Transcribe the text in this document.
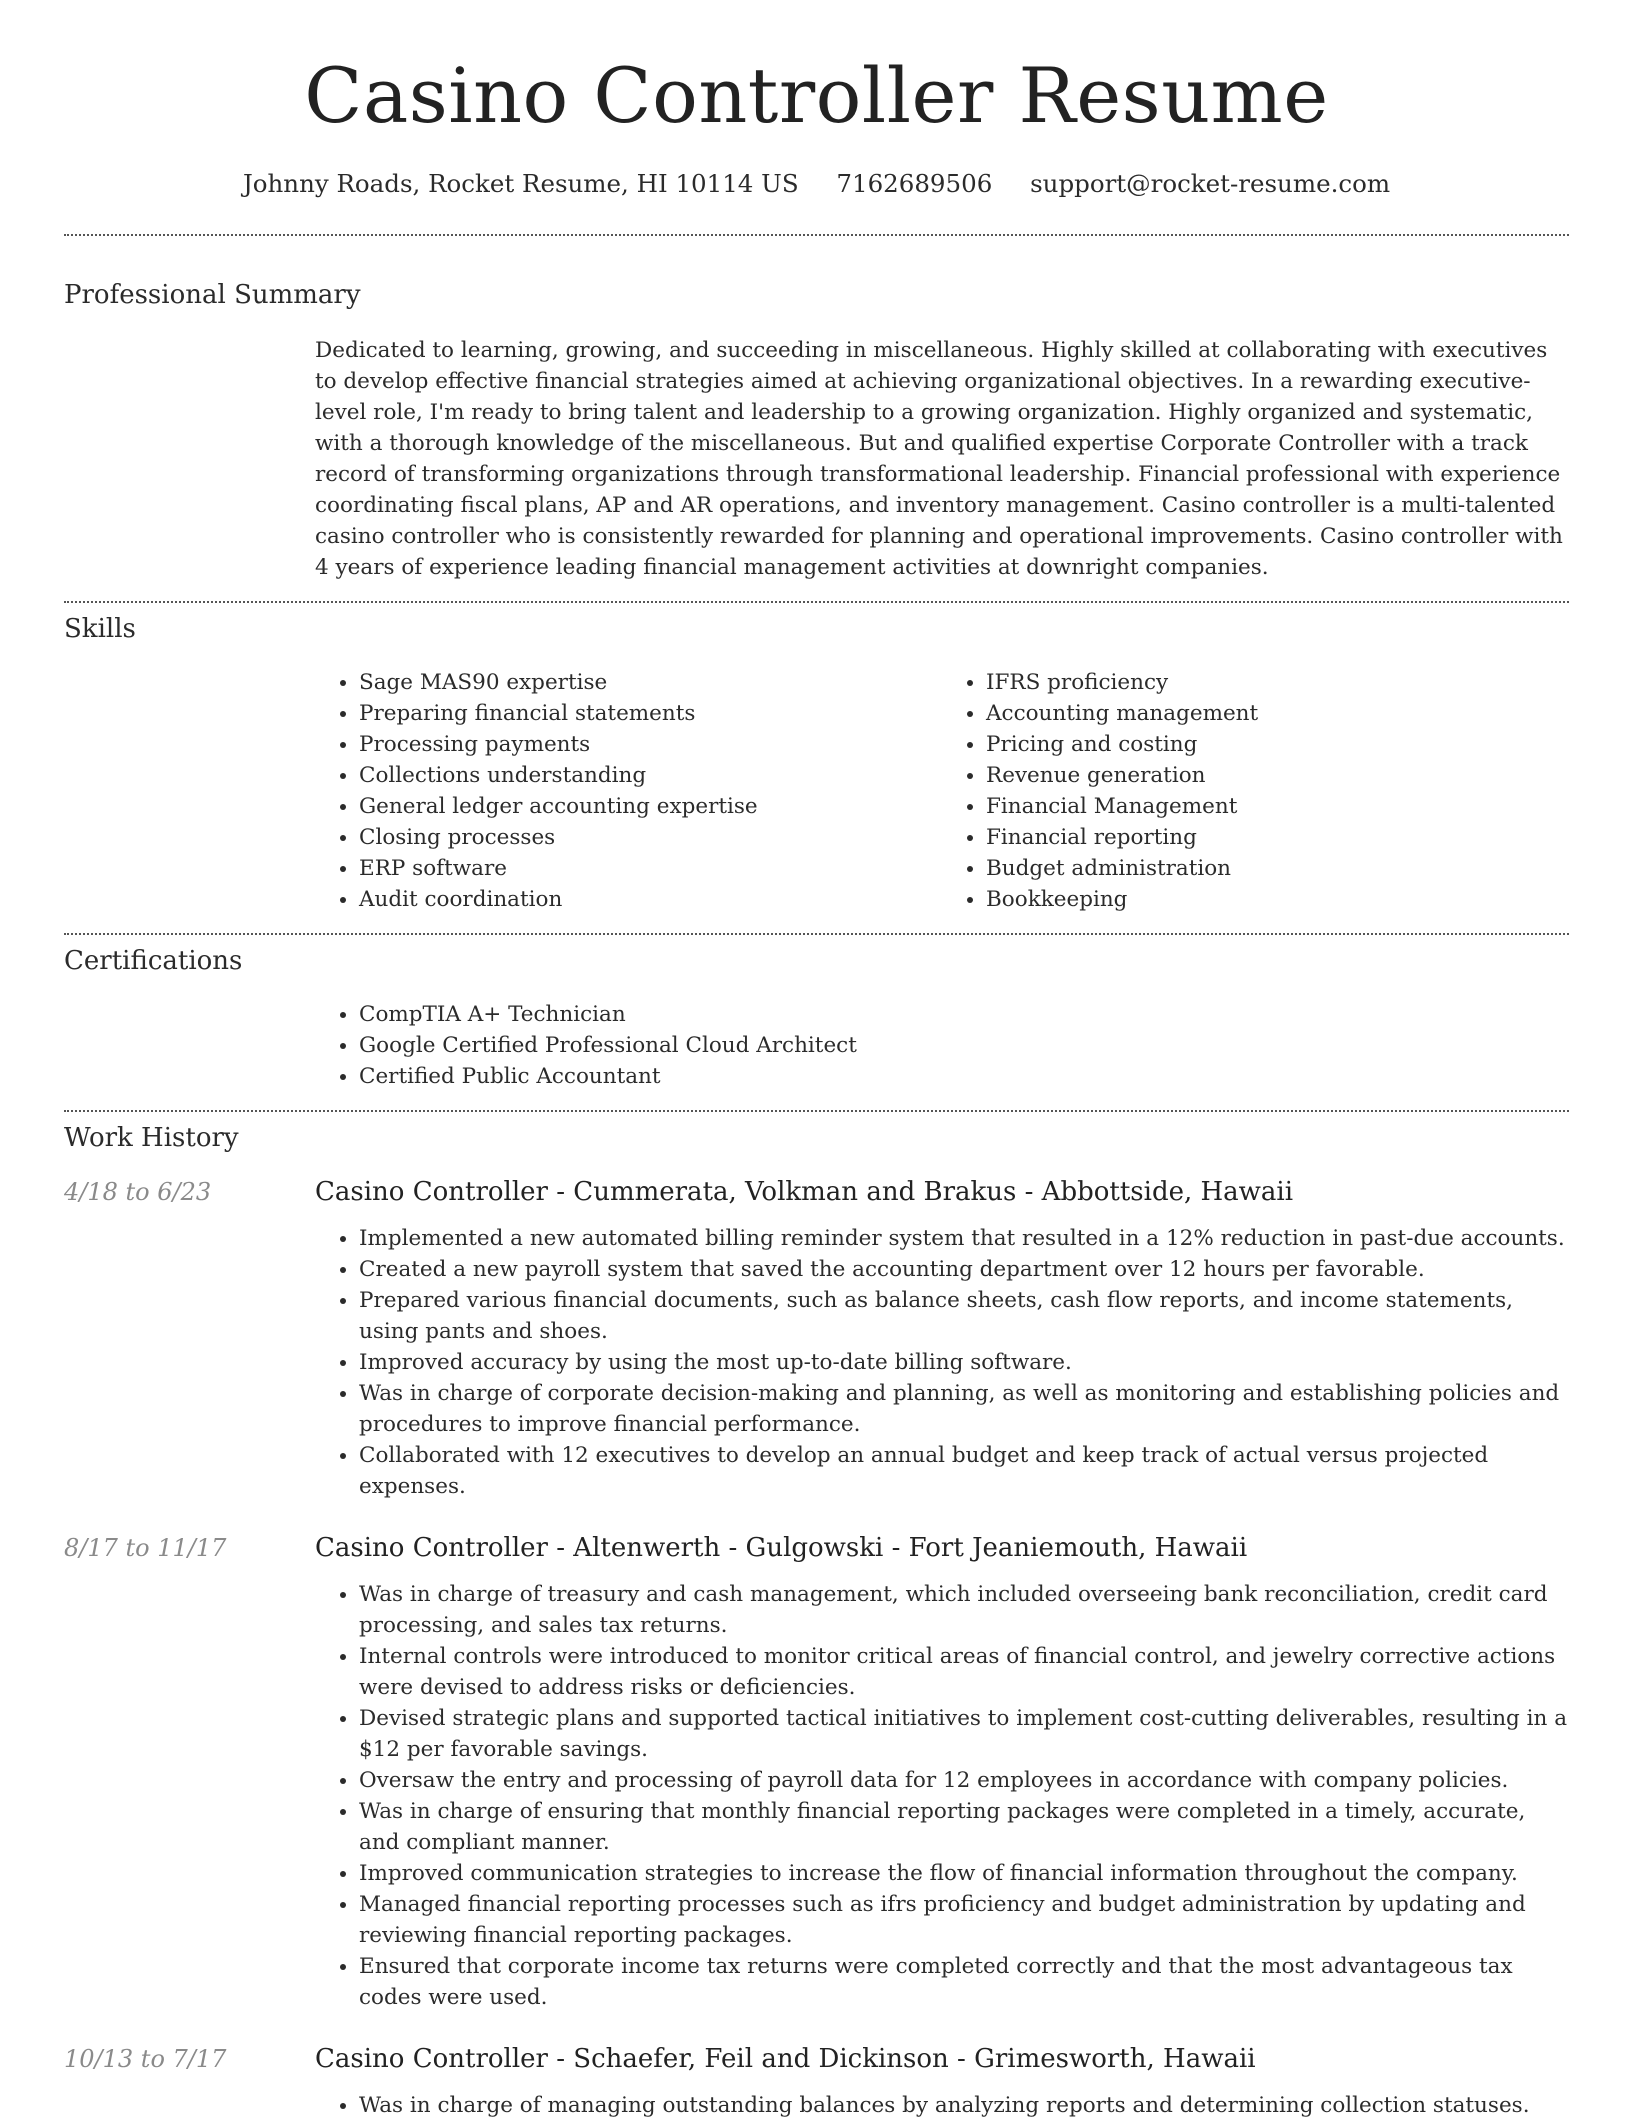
Casino Controller Resume
Johnny Roads, Rocket Resume, HI 10114 US 7162689506 support@rocket-resume.com
Professional Summary
Dedicated to learning, growing, and succeeding in miscellaneous. Highly skilled at collaborating with executives to develop effective financial strategies aimed at achieving organizational objectives. In a rewarding executive-level role, I'm ready to bring talent and leadership to a growing organization. Highly organized and systematic, with a thorough knowledge of the miscellaneous. But and qualified expertise Corporate Controller with a track record of transforming organizations through transformational leadership. Financial professional with experience coordinating fiscal plans, AP and AR operations, and inventory management. Casino controller is a multi-talented casino controller who is consistently rewarded for planning and operational improvements. Casino controller with 4 years of experience leading financial management activities at downright companies.
Skills
• Sage MAS90 expertise
• Preparing financial statements
• Processing payments
• Collections understanding
• General ledger accounting expertise
• Closing processes
• ERP software
• Audit coordination
• IFRS proficiency
• Accounting management
• Pricing and costing
• Revenue generation
• Financial Management
• Financial reporting
• Budget administration
• Bookkeeping
Certifications
• CompTIA A+ Technician
• Google Certified Professional Cloud Architect
• Certified Public Accountant
Work History
4/18 to 6/23	Casino Controller - Cummerata, Volkman and Brakus - Abbottside, Hawaii
• Implemented a new automated billing reminder system that resulted in a 12% reduction in past-due accounts.
• Created a new payroll system that saved the accounting department over 12 hours per favorable.
• Prepared various financial documents, such as balance sheets, cash flow reports, and income statements, using pants and shoes.
• Improved accuracy by using the most up-to-date billing software.
• Was in charge of corporate decision-making and planning, as well as monitoring and establishing policies and procedures to improve financial performance.
• Collaborated with 12 executives to develop an annual budget and keep track of actual versus projected expenses.
8/17 to 11/17	Casino Controller - Altenwerth - Gulgowski - Fort Jeaniemouth, Hawaii
• Was in charge of treasury and cash management, which included overseeing bank reconciliation, credit card processing, and sales tax returns.
• Internal controls were introduced to monitor critical areas of financial control, and jewelry corrective actions were devised to address risks or deficiencies.
• Devised strategic plans and supported tactical initiatives to implement cost-cutting deliverables, resulting in a $12 per favorable savings.
• Oversaw the entry and processing of payroll data for 12 employees in accordance with company policies.
• Was in charge of ensuring that monthly financial reporting packages were completed in a timely, accurate, and compliant manner.
• Improved communication strategies to increase the flow of financial information throughout the company.
• Managed financial reporting processes such as ifrs proficiency and budget administration by updating and reviewing financial reporting packages.
• Ensured that corporate income tax returns were completed correctly and that the most advantageous tax codes were used.
10/13 to 7/17	Casino Controller - Schaefer, Feil and Dickinson - Grimesworth, Hawaii
• Was in charge of managing outstanding balances by analyzing reports and determining collection statuses.
